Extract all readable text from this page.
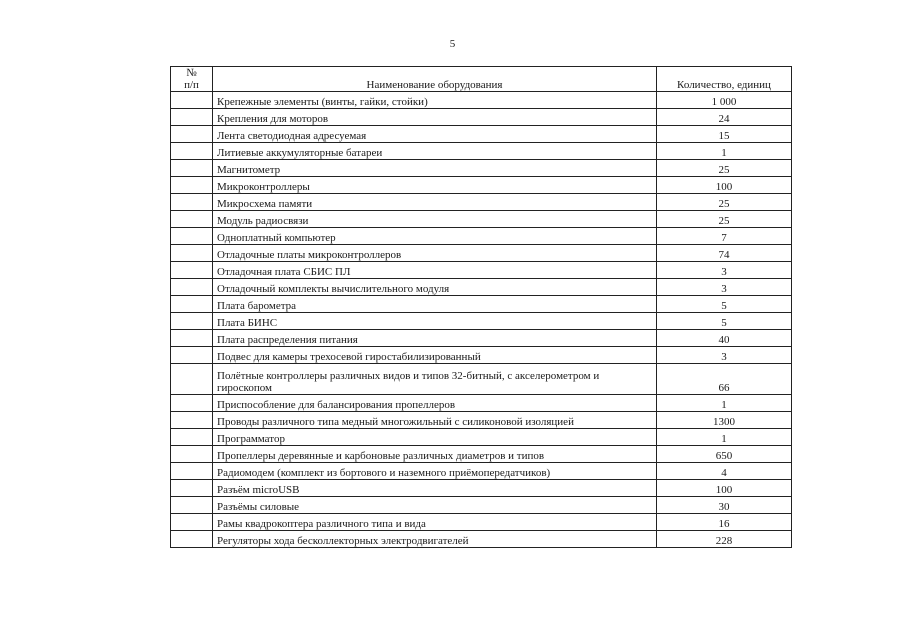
5
№
п/п	Наименование оборудования	Количество, единиц
	Крепежные элементы (винты, гайки, стойки)	1 000
	Крепления для моторов	24
	Лента светодиодная адресуемая	15
	Литиевые аккумуляторные батареи	1
	Магнитометр	25
	Микроконтроллеры	100
	Микросхема памяти	25
	Модуль радиосвязи	25
	Одноплатный компьютер	7
	Отладочные платы микроконтроллеров	74
	Отладочная плата СБИС ПЛ	3
	Отладочный комплекты вычислительного модуля	3
	Плата барометра	5
	Плата БИНС	5
	Плата распределения питания	40
	Подвес для камеры трехосевой гиростабилизированный	3
	Полётные контроллеры различных видов и типов 32-битный, с акселерометром и гироскопом	66
	Приспособление для балансирования пропеллеров	1
	Проводы различного типа медный многожильный с силиконовой изоляцией	1300
	Программатор	1
	Пропеллеры деревянные и карбоновые различных диаметров и типов	650
	Радиомодем (комплект из бортового и наземного приёмопередатчиков)	4
	Разъём microUSB	100
	Разъёмы силовые	30
	Рамы квадрокоптера различного типа и вида	16
	Регуляторы хода бесколлекторных электродвигателей	228
